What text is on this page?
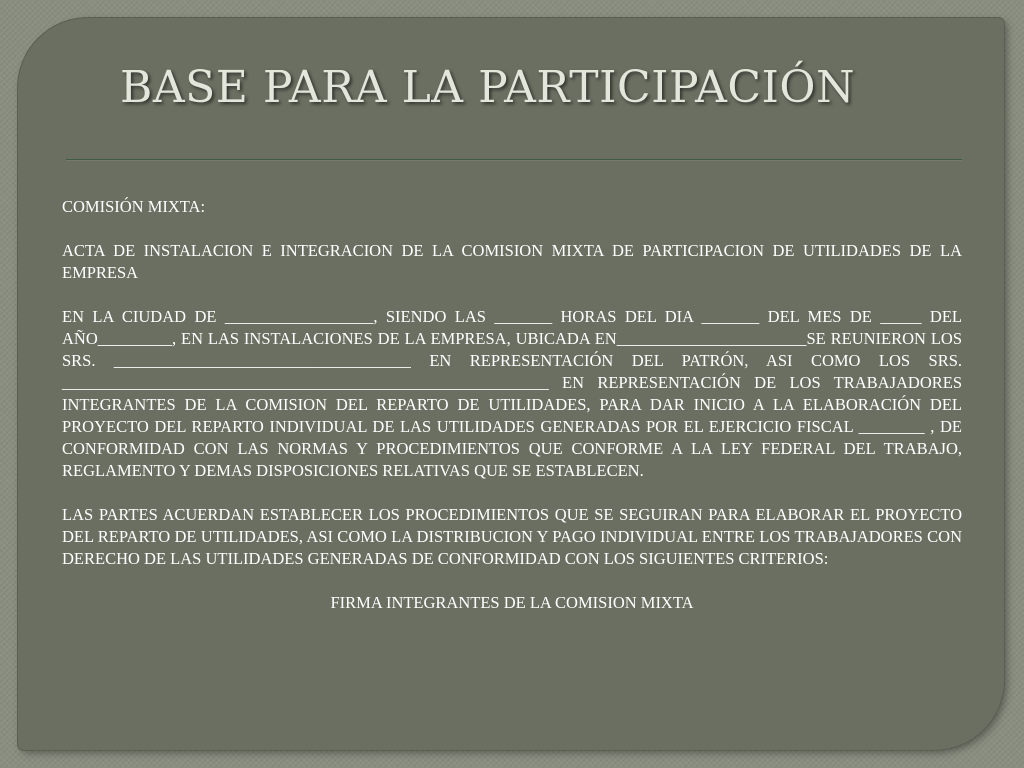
BASE PARA LA PARTICIPACIÓN

COMISIÓN MIXTA:

ACTA DE INSTALACION E INTEGRACION DE LA COMISION MIXTA DE PARTICIPACION DE UTILIDADES DE LA EMPRESA

EN LA CIUDAD DE __________________, SIENDO LAS _______ HORAS DEL DIA _______ DEL MES DE _____ DEL AÑO_________, EN LAS INSTALACIONES DE LA EMPRESA, UBICADA EN_______________________SE REUNIERON LOS SRS. ____________________________________ EN REPRESENTACIÓN DEL PATRÓN, ASI COMO LOS SRS. ___________________________________________________________ EN REPRESENTACIÓN DE LOS TRABAJADORES INTEGRANTES DE LA COMISION DEL REPARTO DE UTILIDADES, PARA DAR INICIO A LA ELABORACIÓN DEL PROYECTO DEL REPARTO INDIVIDUAL DE LAS UTILIDADES GENERADAS POR EL EJERCICIO FISCAL ________ , DE CONFORMIDAD CON LAS NORMAS Y PROCEDIMIENTOS QUE CONFORME A LA LEY FEDERAL DEL TRABAJO, REGLAMENTO Y DEMAS DISPOSICIONES RELATIVAS QUE SE ESTABLECEN.

LAS PARTES ACUERDAN ESTABLECER LOS PROCEDIMIENTOS QUE SE SEGUIRAN PARA ELABORAR EL PROYECTO DEL REPARTO DE UTILIDADES, ASI COMO LA DISTRIBUCION Y PAGO INDIVIDUAL ENTRE LOS TRABAJADORES CON DERECHO DE LAS UTILIDADES GENERADAS DE CONFORMIDAD CON LOS SIGUIENTES CRITERIOS:

FIRMA INTEGRANTES DE LA COMISION MIXTA
